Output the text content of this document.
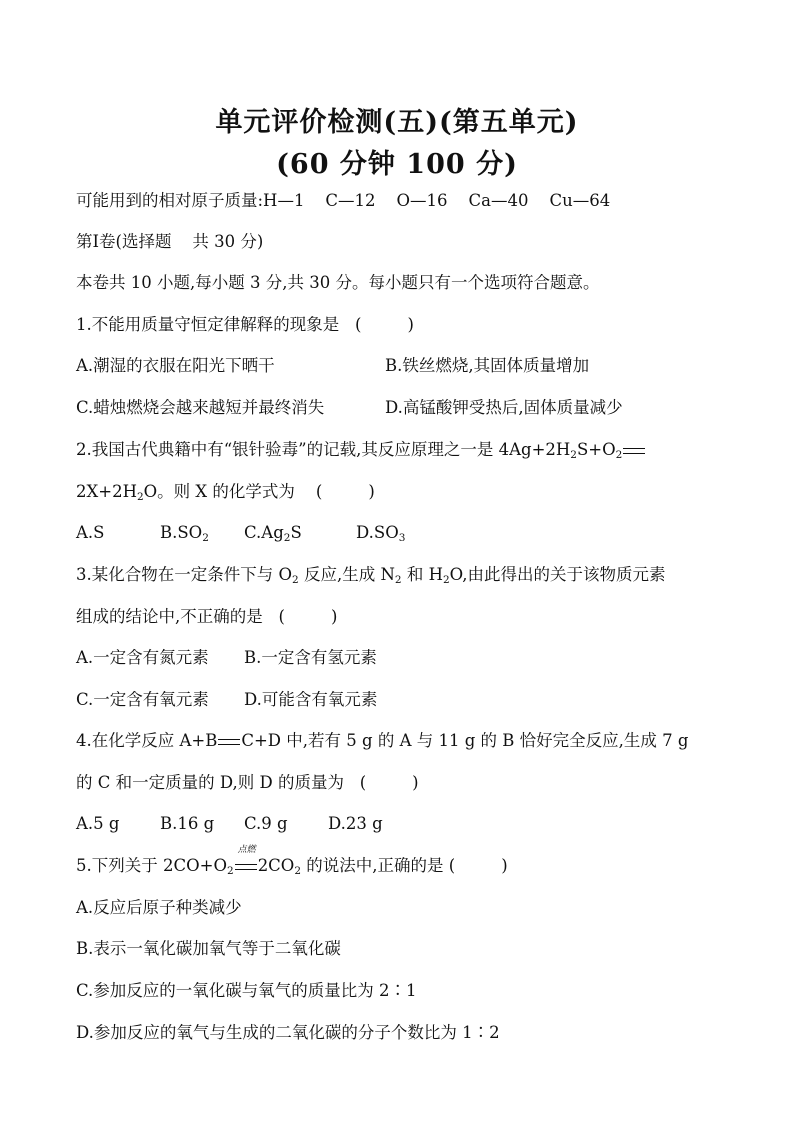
单元评价检测(五)(第五单元)
(60 分钟 100 分)
可能用到的相对原子质量:H—1    C—12    O—16    Ca—40    Cu—64
第Ⅰ卷(选择题    共 30 分)
本卷共 10 小题,每小题 3 分,共 30 分。每小题只有一个选项符合题意。
1.不能用质量守恒定律解释的现象是 (	)
A.潮湿的衣服在阳光下晒干	B.铁丝燃烧,其固体质量增加
C.蜡烛燃烧会越来越短并最终消失	D.高锰酸钾受热后,固体质量减少
2.我国古代典籍中有“银针验毒”的记载,其反应原理之一是 $4Ag+2H_2S+O_2$
$2X+2H_2O$。则 X 的化学式为 (	)
A.S	$B.SO_2$ $C.Ag_2S$	$D.SO_3$
3.某化合物在一定条件下与 $O_2$ 反应,生成 $N_2$ 和 $H_2O$,由此得出的关于该物质元素
组成的结论中,不正确的是 (	)
A.一定含有氮元素 B.一定含有氢元素
C.一定含有氧元素 D.可能含有氧元素
4.在化学反应 A+B C+D 中,若有 5 g 的 A 与 11 g 的 B 恰好完全反应,生成 7 g
的 C 和一定质量的 D,则 D 的质量为 (	)
A.5 g B.16 g C.9 g D.23 g
5.下列关于 $2CO+O_2$
点燃
$2CO_2$ 的说法中,正确的是 (	)
A.反应后原子种类减少
B.表示一氧化碳加氧气等于二氧化碳
C.参加反应的一氧化碳与氧气的质量比为 2∶1
D.参加反应的氧气与生成的二氧化碳的分子个数比为 1∶2
